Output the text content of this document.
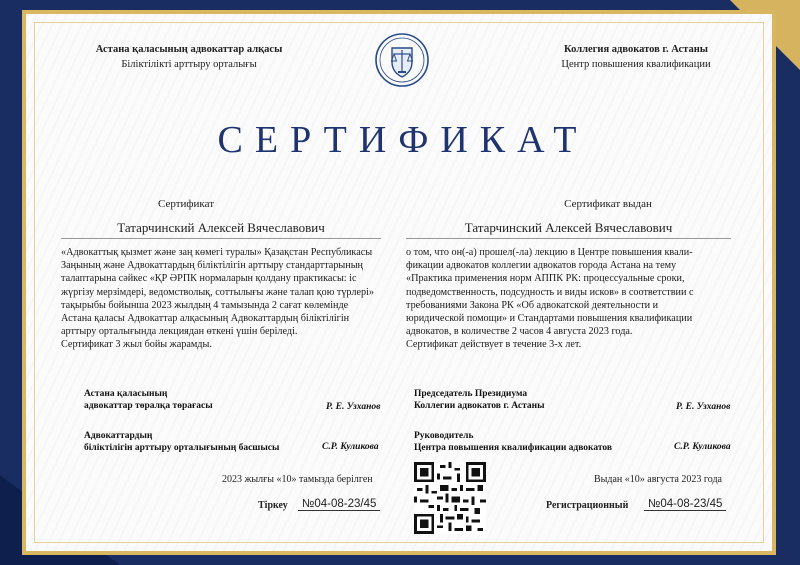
Астана қаласының адвокаттар алқасы
Біліктілікті арттыру орталығы
Коллегия адвокатов г. Астаны
Центр повышения квалификации
СЕРТИФИКАТ
Сертификат	Сертификат выдан
Татарчинский Алексей Вячеславович	Татарчинский Алексей Вячеславович
«Адвокаттық қызмет және заң көмегі туралы» Қазақстан Республикасы
Заңының және Адвокаттардың біліктілігін арттыру стандарттарының
талаптарына сәйкес «ҚР ӘРПК нормаларын қолдану практикасы: іс
жүргізу мерзімдері, ведомстволық, соттылығы және талап қою түрлері»
тақырыбы бойынша 2023 жылдың 4 тамызында 2 сағат көлемінде
Астана қаласы Адвокаттар алқасының Адвокаттардың біліктілігін
арттыру орталығында лекциядан өткені үшін беріледі.
Сертификат 3 жыл бойы жарамды.
о том, что он(-а) прошел(-ла) лекцию в Центре повышения квали-
фикации адвокатов коллегии адвокатов города Астана на тему
«Практика применения норм АППК РК: процессуальные сроки,
подведомственность, подсудность и виды исков» в соответствии с
требованиями Закона РК «Об адвокатской деятельности и
юридической помощи» и Стандартами повышения квалификации
адвокатов, в количестве 2 часов 4 августа 2023 года.
Сертификат действует в течение 3-х лет.
Астана қаласының
адвокаттар төралқа төрағасы	Р. Е. Узханов
Адвокаттардың
біліктілігін арттыру орталығының басшысы	С.Р. Куликова
2023 жылғы «10» тамызда берілген
Тіркеу	№04-08-23/45
Председатель Президиума
Коллегии адвокатов г. Астаны	Р. Е. Узханов
Руководитель
Центра повышения квалификации адвокатов	С.Р. Куликова
Выдан «10» августа 2023 года
Регистрационный	№04-08-23/45
